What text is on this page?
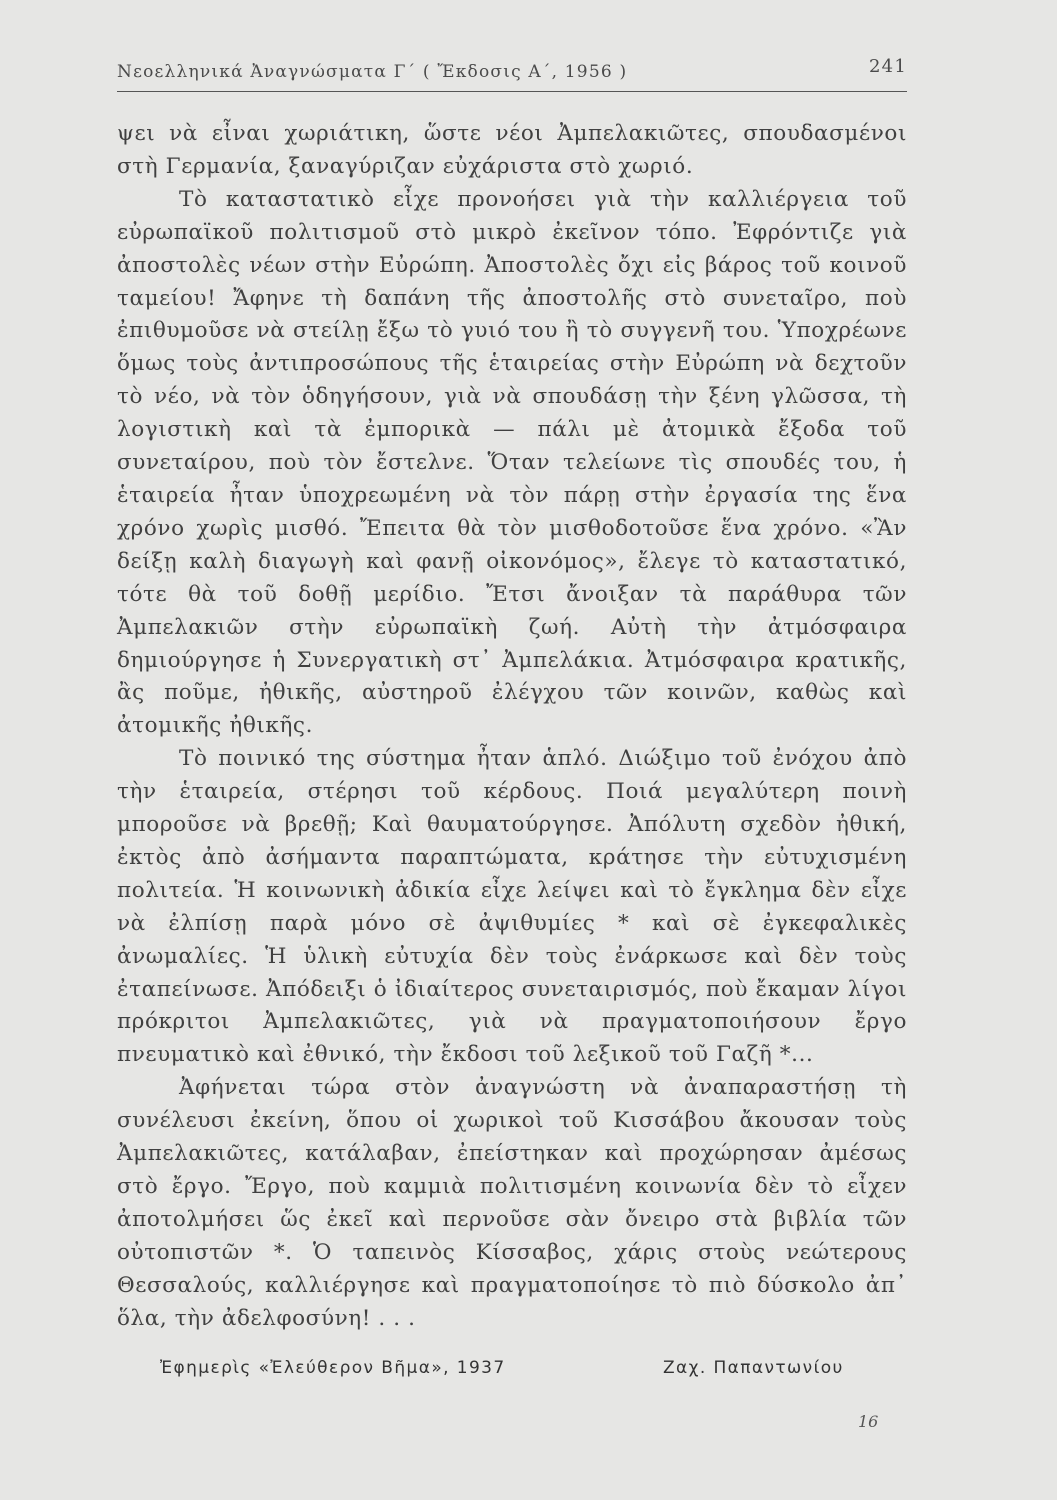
Νεοελληνικά Ἀναγνώσματα Γ΄ ( Ἔκδοσις Α΄, 1956 )	241

ψει νὰ εἶναι χωριάτικη, ὥστε νέοι Ἀμπελακιῶτες, σπουδασμένοι στὴ Γερμανία, ξαναγύριζαν εὐχάριστα στὸ χωριό.

Τὸ καταστατικὸ εἶχε προνοήσει γιὰ τὴν καλλιέργεια τοῦ εὐρωπαϊκοῦ πολιτισμοῦ στὸ μικρὸ ἐκεῖνον τόπο. Ἐφρόντιζε γιὰ ἀποστολὲς νέων στὴν Εὐρώπη. Ἀποστολὲς ὄχι εἰς βάρος τοῦ κοινοῦ ταμείου! Ἄφηνε τὴ δαπάνη τῆς ἀποστολῆς στὸ συνεταῖρο, ποὺ ἐπιθυμοῦσε νὰ στείλῃ ἔξω τὸ γυιό του ἢ τὸ συγγενῆ του. Ὑποχρέωνε ὅμως τοὺς ἀντιπροσώπους τῆς ἑταιρείας στὴν Εὐρώπη νὰ δεχτοῦν τὸ νέο, νὰ τὸν ὁδηγήσουν, γιὰ νὰ σπουδάσῃ τὴν ξένη γλῶσσα, τὴ λογιστικὴ καὶ τὰ ἐμπορικὰ — πάλι μὲ ἀτομικὰ ἔξοδα τοῦ συνεταίρου, ποὺ τὸν ἔστελνε. Ὅταν τελείωνε τὶς σπουδές του, ἡ ἑταιρεία ἦταν ὑποχρεωμένη νὰ τὸν πάρῃ στὴν ἐργασία της ἕνα χρόνο χωρὶς μισθό. Ἔπειτα θὰ τὸν μισθοδοτοῦσε ἕνα χρόνο. «Ἂν δείξῃ καλὴ διαγωγὴ καὶ φανῇ οἰκονόμος», ἔλεγε τὸ καταστατικό, τότε θὰ τοῦ δοθῇ μερίδιο. Ἔτσι ἄνοιξαν τὰ παράθυρα τῶν Ἀμπελακιῶν στὴν εὐρωπαϊκὴ ζωή. Αὐτὴ τὴν ἀτμόσφαιρα δημιούργησε ἡ Συνεργατικὴ στ᾽ Ἀμπελάκια. Ἀτμόσφαιρα κρατικῆς, ἂς ποῦμε, ἠθικῆς, αὐστηροῦ ἐλέγχου τῶν κοινῶν, καθὼς καὶ ἀτομικῆς ἠθικῆς.

Τὸ ποινικό της σύστημα ἦταν ἁπλό. Διώξιμο τοῦ ἐνόχου ἀπὸ τὴν ἑταιρεία, στέρησι τοῦ κέρδους. Ποιά μεγαλύτερη ποινὴ μποροῦσε νὰ βρεθῇ; Καὶ θαυματούργησε. Ἀπόλυτη σχεδὸν ἠθική, ἐκτὸς ἀπὸ ἀσήμαντα παραπτώματα, κράτησε τὴν εὐτυχισμένη πολιτεία. Ἡ κοινωνικὴ ἀδικία εἶχε λείψει καὶ τὸ ἔγκλημα δὲν εἶχε νὰ ἐλπίσῃ παρὰ μόνο σὲ ἀψιθυμίες * καὶ σὲ ἐγκεφαλικὲς ἀνωμαλίες. Ἡ ὑλικὴ εὐτυχία δὲν τοὺς ἐνάρκωσε καὶ δὲν τοὺς ἐταπείνωσε. Ἀπόδειξι ὁ ἰδιαίτερος συνεταιρισμός, ποὺ ἔκαμαν λίγοι πρόκριτοι Ἀμπελακιῶτες, γιὰ νὰ πραγματοποιήσουν ἔργο πνευματικὸ καὶ ἐθνικό, τὴν ἔκδοσι τοῦ λεξικοῦ τοῦ Γαζῆ *...

Ἀφήνεται τώρα στὸν ἀναγνώστη νὰ ἀναπαραστήσῃ τὴ συνέλευσι ἐκείνη, ὅπου οἱ χωρικοὶ τοῦ Κισσάβου ἄκουσαν τοὺς Ἀμπελακιῶτες, κατάλαβαν, ἐπείστηκαν καὶ προχώρησαν ἀμέσως στὸ ἔργο. Ἔργο, ποὺ καμμιὰ πολιτισμένη κοινωνία δὲν τὸ εἶχεν ἀποτολμήσει ὥς ἐκεῖ καὶ περνοῦσε σὰν ὄνειρο στὰ βιβλία τῶν οὐτοπιστῶν *. Ὁ ταπεινὸς Κίσσαβος, χάρις στοὺς νεώτερους Θεσσαλούς, καλλιέργησε καὶ πραγματοποίησε τὸ πιὸ δύσκολο ἀπ᾽ ὅλα, τὴν ἀδελφοσύνη! . . .

Ἐφημερὶς «Ἐλεύθερον Βῆμα», 1937	Ζαχ. Παπαντωνίου
16
